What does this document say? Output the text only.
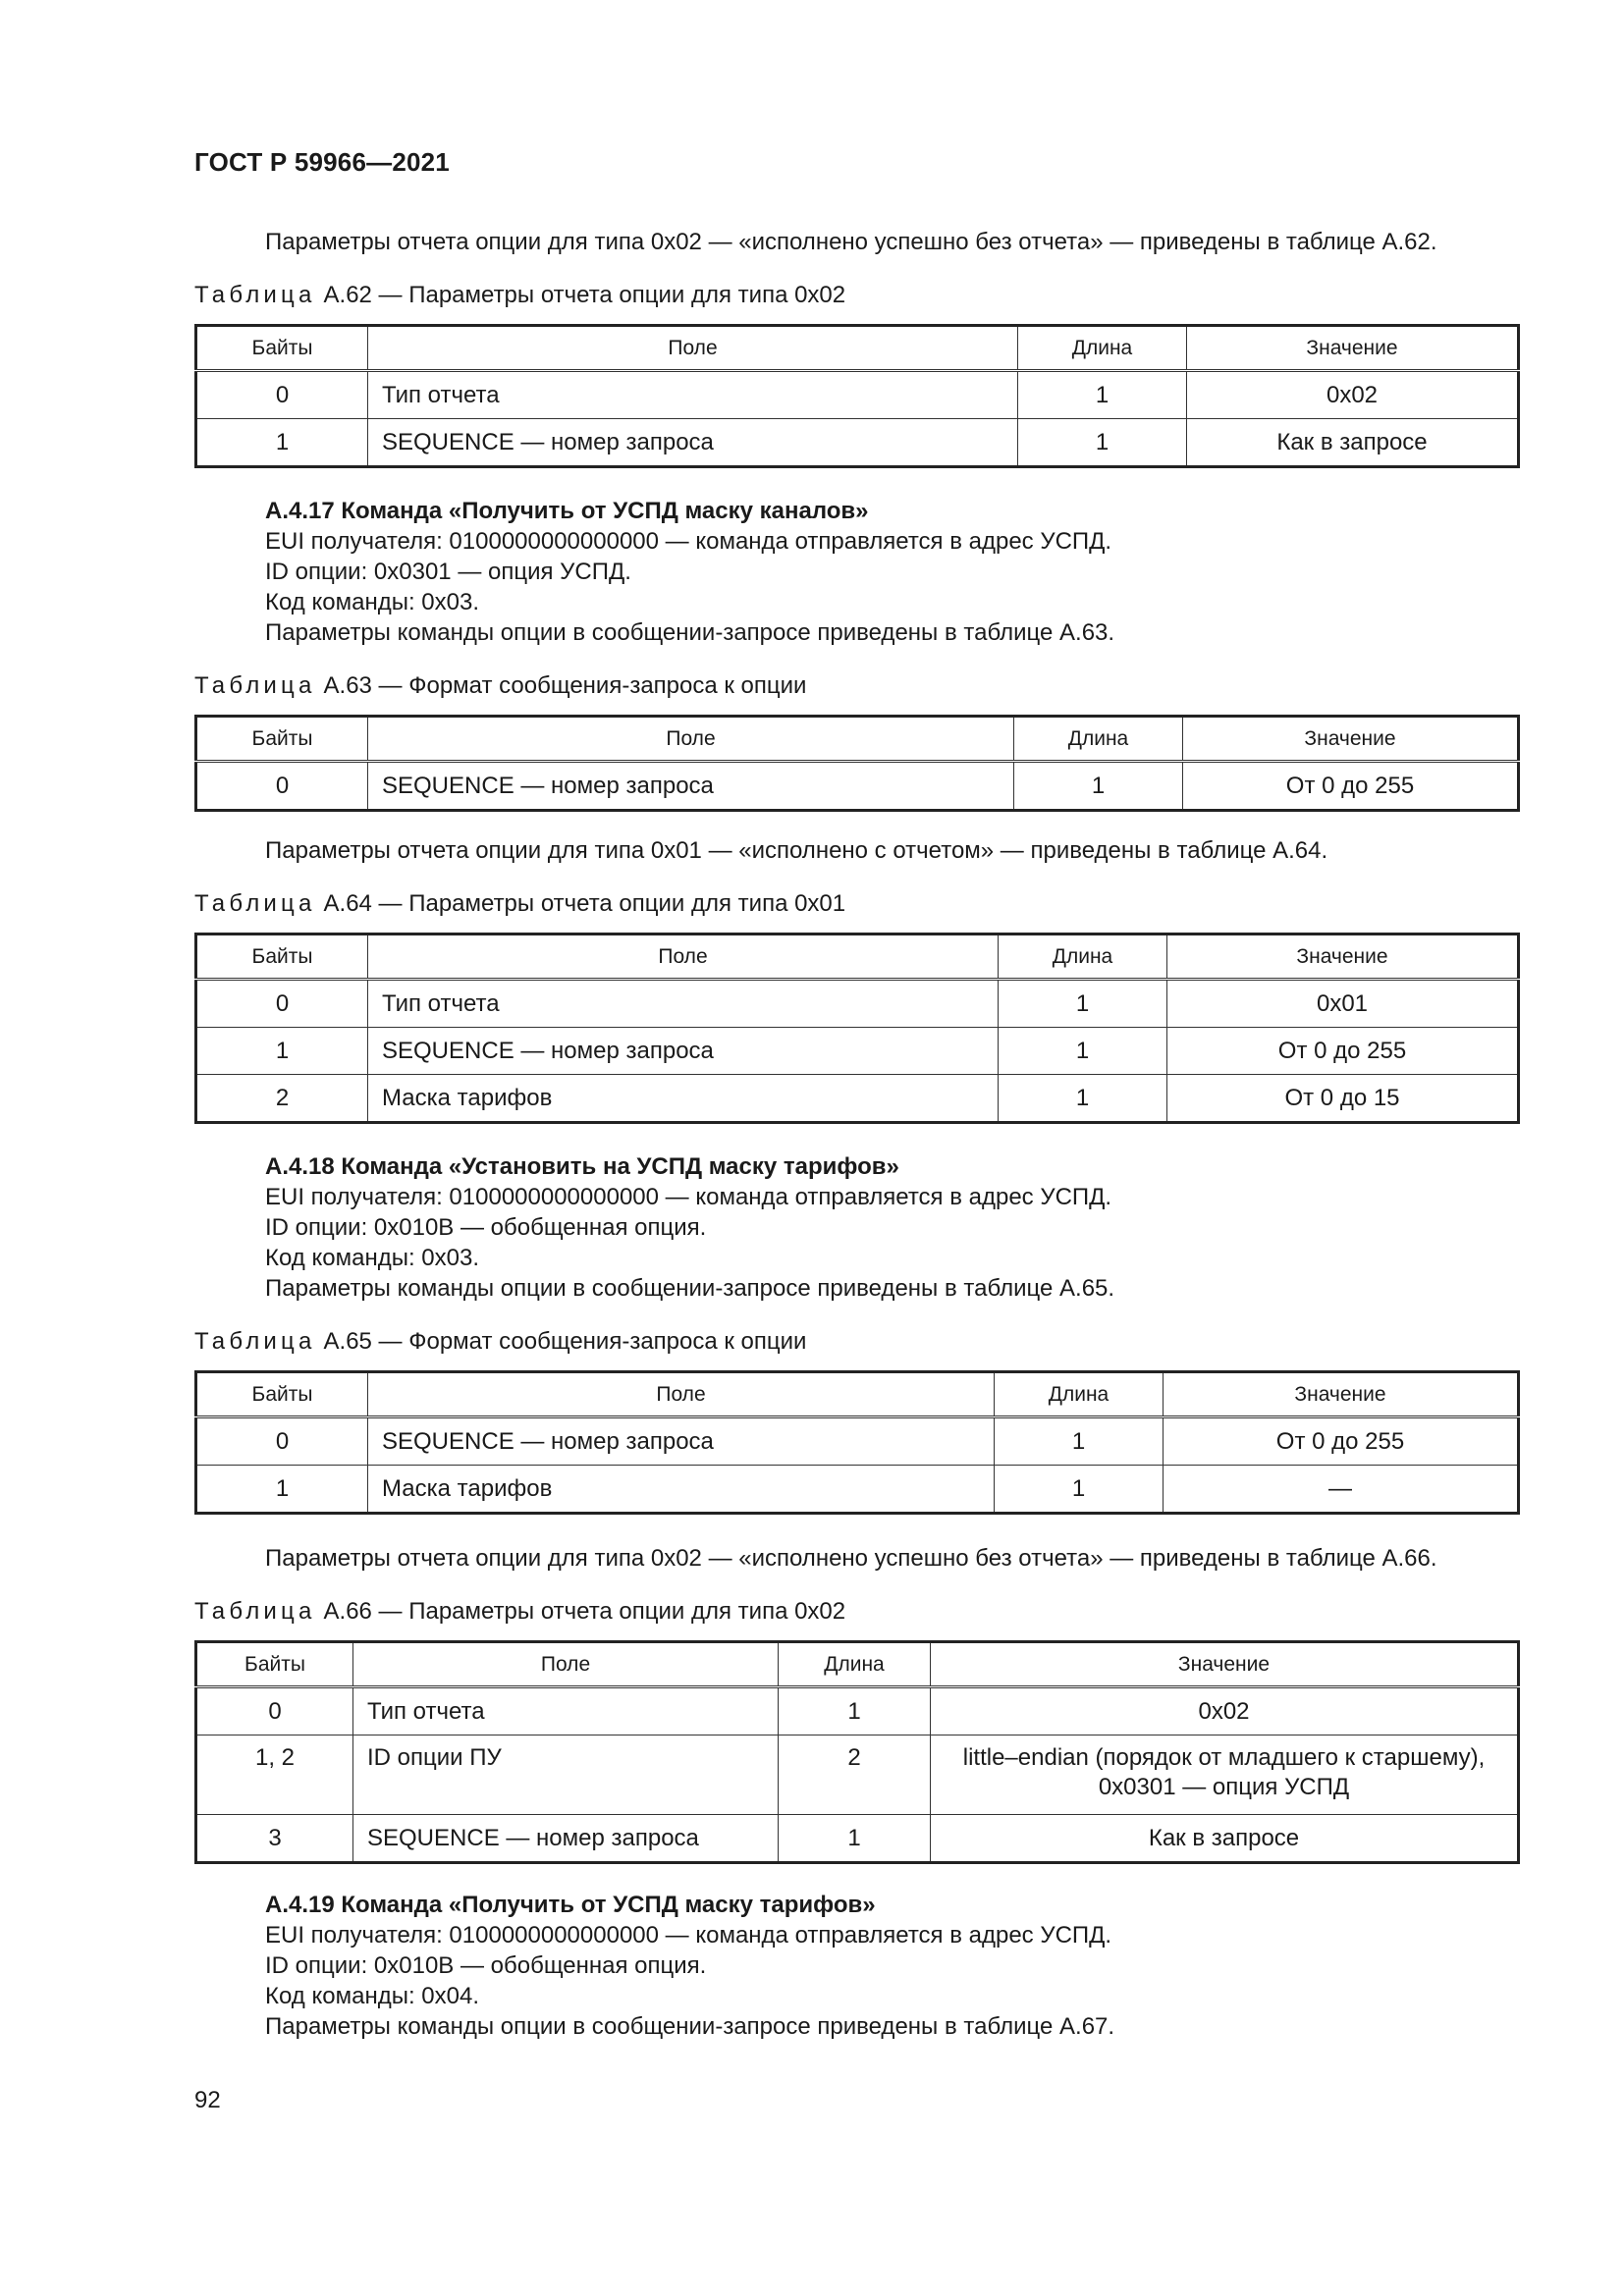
ГОСТ Р 59966—2021
Параметры отчета опции для типа 0x02 — «исполнено успешно без отчета» — приведены в таблице А.62.
Таблица А.62 — Параметры отчета опции для типа 0x02
Байты	Поле	Длина	Значение
0	Тип отчета	1	0x02
1	SEQUENCE — номер запроса	1	Как в запросе
А.4.17 Команда «Получить от УСПД маску каналов»
EUI получателя: 0100000000000000 — команда отправляется в адрес УСПД.
ID опции: 0x0301 — опция УСПД.
Код команды: 0x03.
Параметры команды опции в сообщении-запросе приведены в таблице А.63.
Таблица А.63 — Формат сообщения-запроса к опции
Байты	Поле	Длина	Значение
0	SEQUENCE — номер запроса	1	От 0 до 255
Параметры отчета опции для типа 0x01 — «исполнено с отчетом» — приведены в таблице А.64.
Таблица А.64 — Параметры отчета опции для типа 0x01
Байты	Поле	Длина	Значение
0	Тип отчета	1	0x01
1	SEQUENCE — номер запроса	1	От 0 до 255
2	Маска тарифов	1	От 0 до 15
А.4.18 Команда «Установить на УСПД маску тарифов»
EUI получателя: 0100000000000000 — команда отправляется в адрес УСПД.
ID опции: 0x010B — обобщенная опция.
Код команды: 0x03.
Параметры команды опции в сообщении-запросе приведены в таблице А.65.
Таблица А.65 — Формат сообщения-запроса к опции
Байты	Поле	Длина	Значение
0	SEQUENCE — номер запроса	1	От 0 до 255
1	Маска тарифов	1	—
Параметры отчета опции для типа 0x02 — «исполнено успешно без отчета» — приведены в таблице А.66.
Таблица А.66 — Параметры отчета опции для типа 0x02
Байты	Поле	Длина	Значение
0	Тип отчета	1	0x02
1, 2	ID опции ПУ	2	little–endian (порядок от младшего к старшему),
0x0301 — опция УСПД

3	SEQUENCE — номер запроса	1	Как в запросе
А.4.19 Команда «Получить от УСПД маску тарифов»
EUI получателя: 0100000000000000 — команда отправляется в адрес УСПД.
ID опции: 0x010B — обобщенная опция.
Код команды: 0x04.
Параметры команды опции в сообщении-запросе приведены в таблице А.67.
92
